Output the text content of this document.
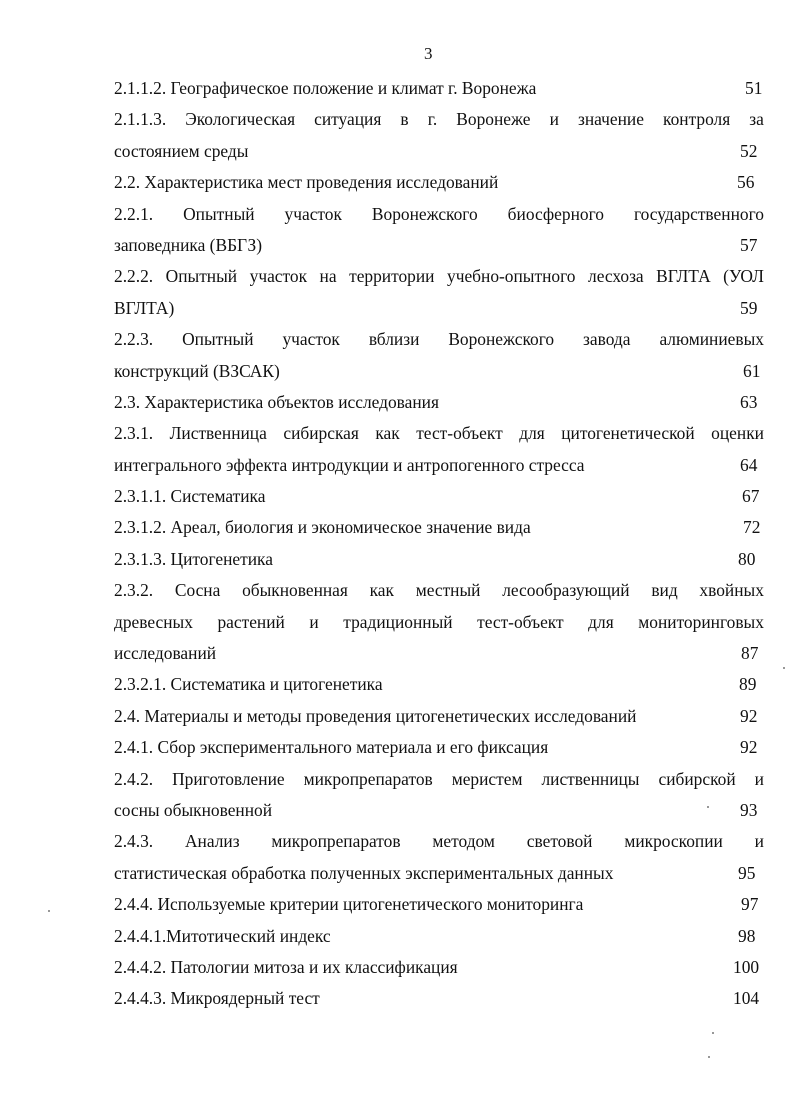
3
2.1.1.2. Географическое положение и климат г. Воронежа	51
2.1.1.3. Экологическая ситуация в г. Воронеже и значение контроля за
состоянием среды	52
2.2. Характеристика мест проведения исследований	56
2.2.1. Опытный участок Воронежского биосферного государственного
заповедника (ВБГЗ)	57
2.2.2. Опытный участок на территории учебно-опытного лесхоза ВГЛТА (УОЛ
ВГЛТА)	59
2.2.3. Опытный участок вблизи Воронежского завода алюминиевых
конструкций (ВЗСАК)	61
2.3. Характеристика объектов исследования	63
2.3.1. Лиственница сибирская как тест-объект для цитогенетической оценки
интегрального эффекта интродукции и антропогенного стресса	64
2.3.1.1. Систематика	67
2.3.1.2. Ареал, биология и экономическое значение вида	72
2.3.1.3. Цитогенетика	80
2.3.2. Сосна обыкновенная как местный лесообразующий вид хвойных
древесных растений и традиционный тест-объект для мониторинговых
исследований	87
2.3.2.1. Систематика и цитогенетика	89
2.4. Материалы и методы проведения цитогенетических исследований	92
2.4.1. Сбор экспериментального материала и его фиксация	92
2.4.2. Приготовление микропрепаратов меристем лиственницы сибирской и
сосны обыкновенной	93
2.4.3. Анализ микропрепаратов методом световой микроскопии и
статистическая обработка полученных экспериментальных данных	95
2.4.4. Используемые критерии цитогенетического мониторинга	97
2.4.4.1.Митотический индекс	98
2.4.4.2. Патологии митоза и их классификация	100
2.4.4.3. Микроядерный тест	104
